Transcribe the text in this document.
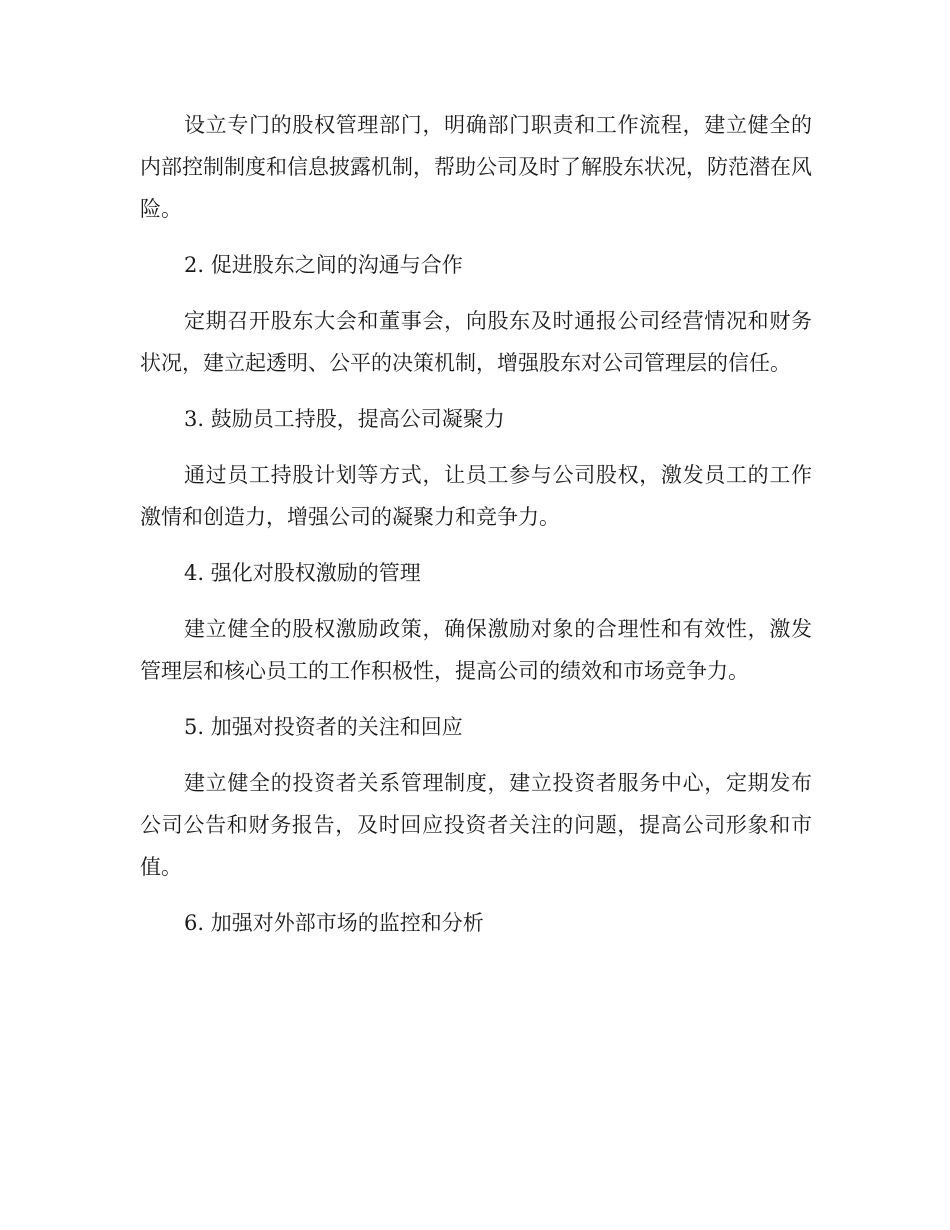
设立专门的股权管理部门，明确部门职责和工作流程，建立健全的内部控制制度和信息披露机制，帮助公司及时了解股东状况，防范潜在风险。

2. 促进股东之间的沟通与合作

定期召开股东大会和董事会，向股东及时通报公司经营情况和财务状况，建立起透明、公平的决策机制，增强股东对公司管理层的信任。

3. 鼓励员工持股，提高公司凝聚力

通过员工持股计划等方式，让员工参与公司股权，激发员工的工作激情和创造力，增强公司的凝聚力和竞争力。

4. 强化对股权激励的管理

建立健全的股权激励政策，确保激励对象的合理性和有效性，激发管理层和核心员工的工作积极性，提高公司的绩效和市场竞争力。

5. 加强对投资者的关注和回应

建立健全的投资者关系管理制度，建立投资者服务中心，定期发布公司公告和财务报告，及时回应投资者关注的问题，提高公司形象和市值。

6. 加强对外部市场的监控和分析
